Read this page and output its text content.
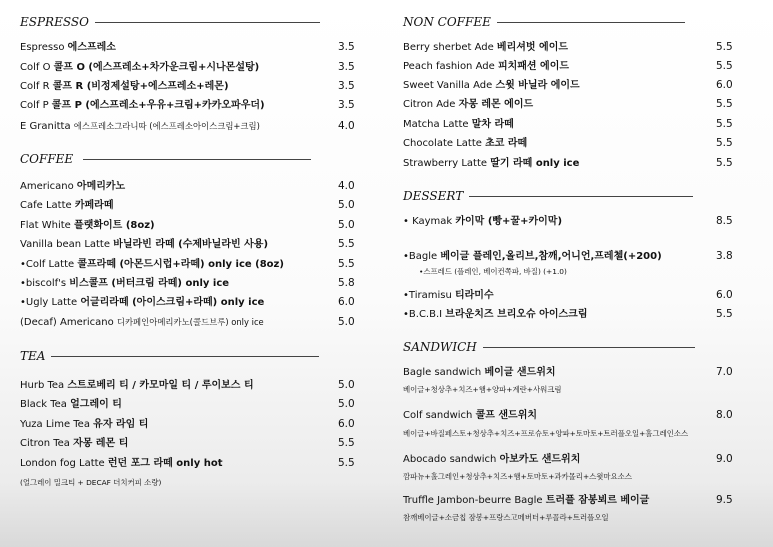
ESPRESSO
Espresso 에스프레소	3.5
Colf O 콜프 O (에스프레소+차가운크림+시나몬설탕)	3.5
Colf R 콜프 R (비정제설탕+에스프레소+레몬)	3.5
Colf P 콜프 P (에스프레소+우유+크림+카카오파우더)	3.5
E Granitta 에스프레소그라니따 (에스프레소아이스크림+크림)	4.0
COFFEE
Americano 아메리카노	4.0
Cafe Latte 카페라떼	5.0
Flat White 플랫화이트 (8oz)	5.0
Vanilla bean Latte 바닐라빈 라떼 (수제바닐라빈 사용)	5.5
•Colf Latte 콜프라떼 (아몬드시럽+라떼) only ice (8oz)	5.5
•biscolf's 비스콜프 (버터크림 라떼) only ice	5.8
•Ugly Latte 어글리라떼 (아이스크림+라떼) only ice	6.0
(Decaf) Americano 디카페인아메리카노(콜드브루) only ice	5.0
TEA
Hurb Tea 스트로베리 티 / 카모마일 티 / 루이보스 티	5.0
Black Tea 얼그레이 티	5.0
Yuza Lime Tea 유자 라임 티	6.0
Citron Tea 자몽 레몬 티	5.5
London fog Latte 런던 포그 라떼 only hot	5.5
(얼그레이 밀크티 + DECAF 더치커피 소량)
NON COFFEE
Berry sherbet Ade 베리셔벗 에이드	5.5
Peach fashion Ade 피치패션 에이드	5.5
Sweet Vanilla Ade 스윗 바닐라 에이드	6.0
Citron Ade 자몽 레몬 에이드	5.5
Matcha Latte 말차 라떼	5.5
Chocolate Latte 초코 라떼	5.5
Strawberry Latte 딸기 라떼 only ice	5.5
DESSERT
• Kaymak 카이막 (빵+꿀+카이막)	8.5
•Bagle 베이글 플레인,올리브,참깨,어니언,프레첼(+200)	3.8
•스프레드 (플레인, 베이컨쪽파, 바질) (+1.0)
•Tiramisu 티라미수	6.0
•B.C.B.I 브라운치즈 브리오슈 아이스크림	5.5
SANDWICH
Bagle sandwich 베이글 샌드위치	7.0
베이글+청상추+치즈+햄+양파+계란+사워크림
Colf sandwich 콜프 샌드위치	8.0
베이글+바질페스토+청상추+치즈+프로슈토+양파+토마토+트러플오일+홀그레인소스
Abocado sandwich 아보카도 샌드위치	9.0
깜파뉴+홀그레인+청상추+치즈+햄+토마토+과카몰리+스윗마요소스
Truffle Jambon-beurre Bagle 트러플 잠봉뵈르 베이글	9.5
참깨베이글+소금칩 잠봉+프랑스고메버터+루꼴라+트러플오일
